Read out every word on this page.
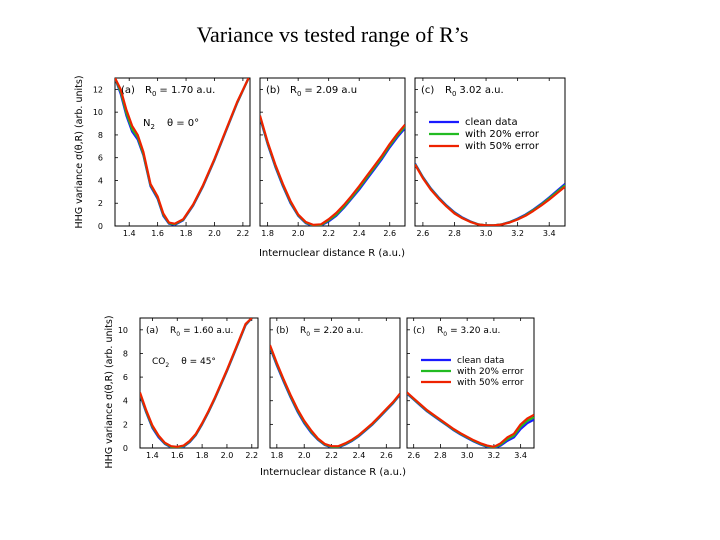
Variance vs tested range of R’s
HHG variance σ(θ,R) (arb. units)
Internuclear distance R (a.u.)
HHG variance σ(θ,R) (arb. units)
Internuclear distance R (a.u.)
1.4 1.6 1.8 2.0 2.2
0
2
4
6
8
10
12 (a) $R_0 = 1.70$ a.u.
$N_2$ θ = 0°
1.8 2.0 2.2 2.4 2.6
(b) $R_0 = 2.09$ a.u
2.6 2.8 3.0 3.2 3.4
(c) $R_0$ 3.02 a.u.
clean data
with 20% error
with 50% error
1.4 1.6 1.8 2.0 2.2
0
2
4
6
8
10 (a) $R_0 = 1.60$ a.u.
$CO_2$ θ = 45°
1.8 2.0 2.2 2.4 2.6
(b) $R_0 = 2.20$ a.u.
2.6 2.8 3.0 3.2 3.4
(c) $R_0 = 3.20$ a.u.
clean data
with 20% error
with 50% error
